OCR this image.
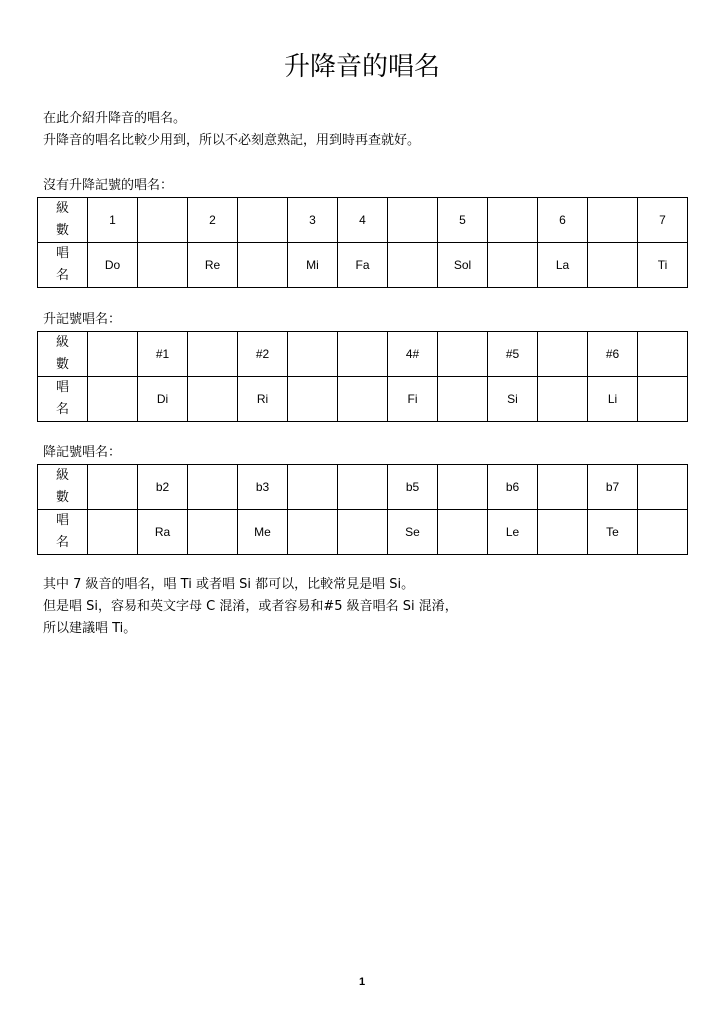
升降音的唱名

在此介紹升降音的唱名。

升降音的唱名比較少用到，所以不必刻意熟記，用到時再查就好。

沒有升降記號的唱名：
級
數	1		2		3	4		5		6		7

唱
名	Do		Re		Mi	Fa		Sol		La		Ti
升記號唱名：
級
數		#1		#2			4#		#5		#6	

唱
名		Di		Ri			Fi		Si		Li	
降記號唱名：
級
數		b2		b3			b5		b6		b7	

唱
名		Ra		Me			Se		Le		Te	

其中 7 級音的唱名，唱 Ti 或者唱 Si 都可以，比較常見是唱 Si。

但是唱 Si，容易和英文字母 C 混淆，或者容易和#5 級音唱名 Si 混淆，

所以建議唱 Ti。

1
